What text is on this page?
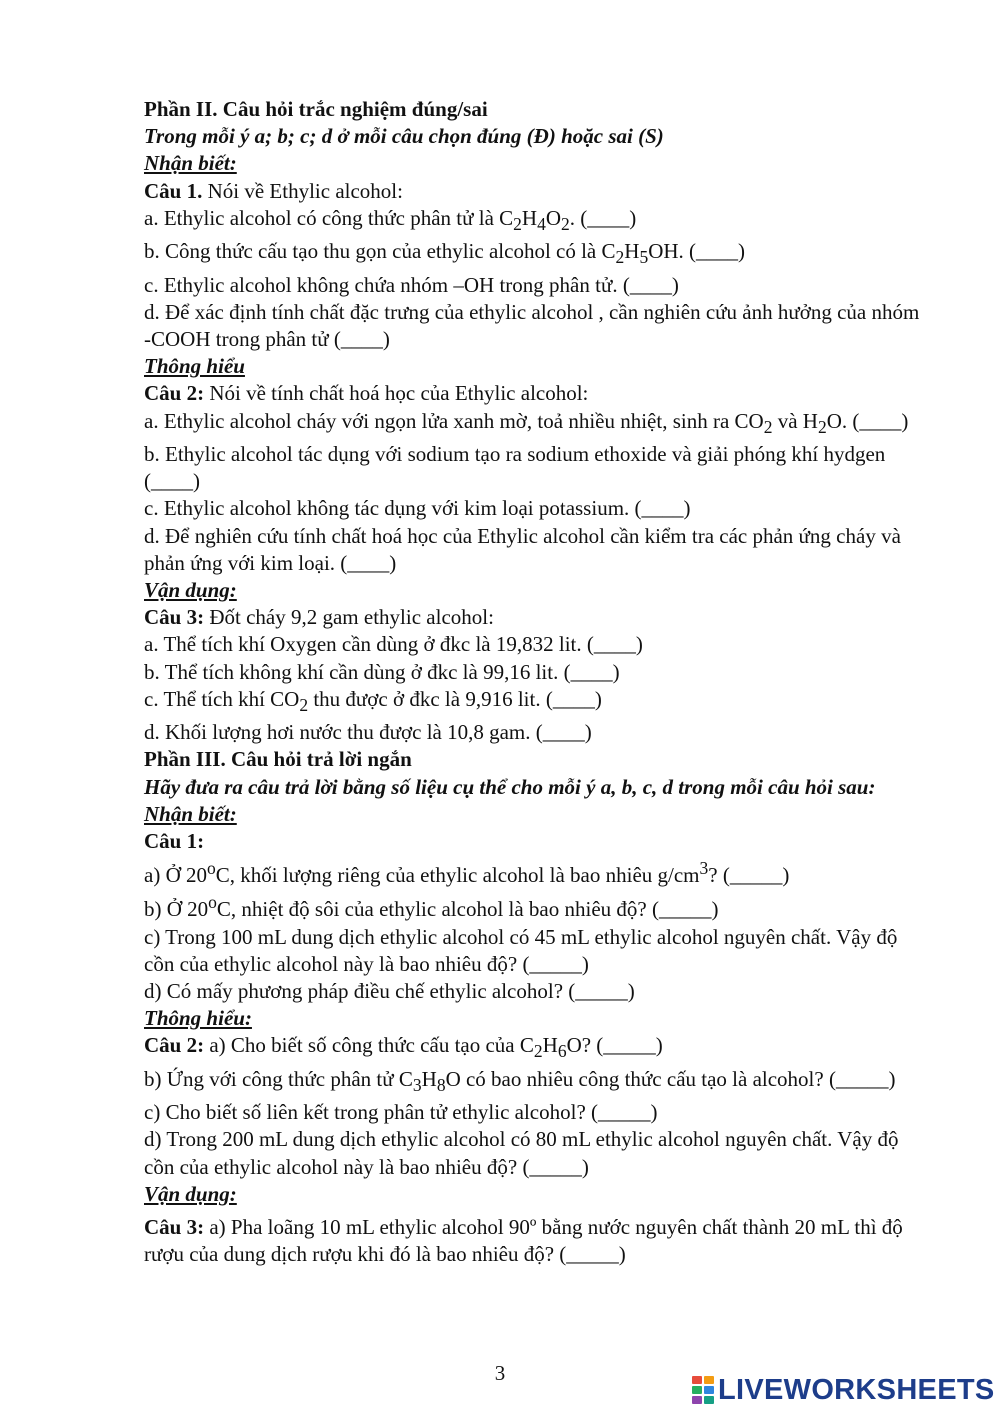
Phần II. Câu hỏi trắc nghiệm đúng/sai
Trong mỗi ý a; b; c; d ở mỗi câu chọn đúng (Đ) hoặc sai (S)
Nhận biết:
Câu 1. Nói về Ethylic alcohol:
a. Ethylic alcohol có công thức phân tử là $C_2H_4O_2$. (____)
b. Công thức cấu tạo thu gọn của ethylic alcohol có là $C_2H_5OH$. (____)
c. Ethylic alcohol không chứa nhóm –OH trong phân tử. (____)
d. Để xác định tính chất đặc trưng của ethylic alcohol , cần nghiên cứu ảnh hưởng của nhóm -COOH trong phân tử (____)
Thông hiểu
Câu 2: Nói về tính chất hoá học của Ethylic alcohol:
a. Ethylic alcohol cháy với ngọn lửa xanh mờ, toả nhiều nhiệt, sinh ra $CO_2$ và $H_2O$. (____)
b. Ethylic alcohol tác dụng với sodium tạo ra sodium ethoxide và giải phóng khí hydgen (____)
c. Ethylic alcohol không tác dụng với kim loại potassium. (____)
d. Để nghiên cứu tính chất hoá học của Ethylic alcohol cần kiểm tra các phản ứng cháy và phản ứng với kim loại. (____)
Vận dụng:
Câu 3: Đốt cháy 9,2 gam ethylic alcohol:
a. Thể tích khí Oxygen cần dùng ở đkc là 19,832 lit. (____)
b. Thể tích không khí cần dùng ở đkc là 99,16 lit. (____)
c. Thể tích khí $CO_2$ thu được ở đkc là 9,916 lit. (____)
d. Khối lượng hơi nước thu được là 10,8 gam. (____)
Phần III. Câu hỏi trả lời ngắn
Hãy đưa ra câu trả lời bằng số liệu cụ thể cho mỗi ý a, b, c, d trong mỗi câu hỏi sau:
Nhận biết:
Câu 1:
a) Ở 20$^o$C, khối lượng riêng của ethylic alcohol là bao nhiêu $g/cm^3$? (_____)
b) Ở 20$^o$C, nhiệt độ sôi của ethylic alcohol là bao nhiêu độ? (_____)
c) Trong 100 mL dung dịch ethylic alcohol có 45 mL ethylic alcohol nguyên chất. Vậy độ cồn của ethylic alcohol này là bao nhiêu độ? (_____)
d) Có mấy phương pháp điều chế ethylic alcohol? (_____)
Thông hiểu:
Câu 2: a) Cho biết số công thức cấu tạo của $C_2H_6O$? (_____)
b) Ứng với công thức phân tử $C_3H_8O$ có bao nhiêu công thức cấu tạo là alcohol? (_____)
c) Cho biết số liên kết trong phân tử ethylic alcohol? (_____)
d) Trong 200 mL dung dịch ethylic alcohol có 80 mL ethylic alcohol nguyên chất. Vậy độ cồn của ethylic alcohol này là bao nhiêu độ? (_____)
Vận dụng:
Câu 3: a) Pha loãng 10 mL ethylic alcohol 90º bằng nước nguyên chất thành 20 mL thì độ rượu của dung dịch rượu khi đó là bao nhiêu độ? (_____)
3
LIVEWORKSHEETS
